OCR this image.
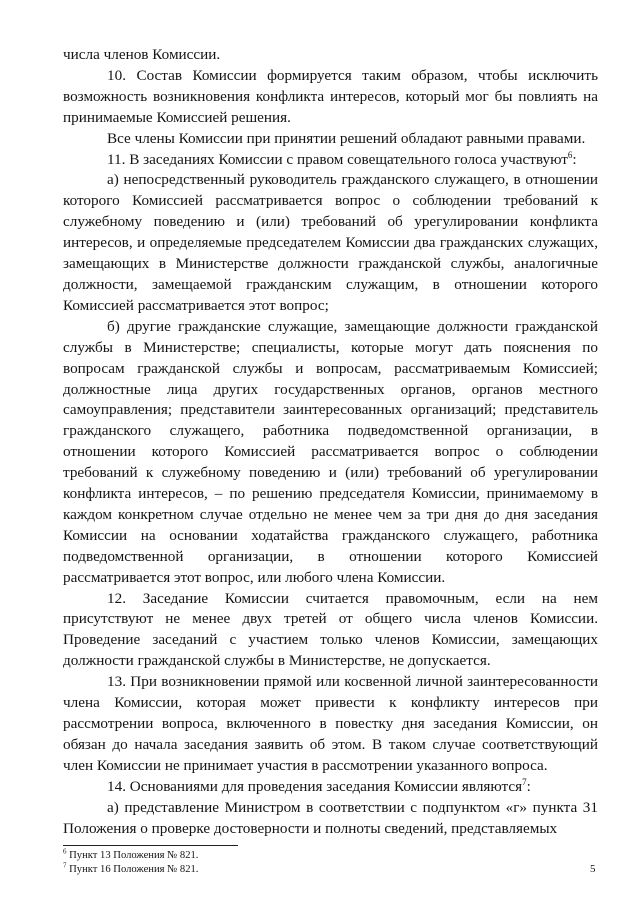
числа членов Комиссии.

10. Состав Комиссии формируется таким образом, чтобы исключить возможность возникновения конфликта интересов, который мог бы повлиять на принимаемые Комиссией решения.

Все члены Комиссии при принятии решений обладают равными правами.

11. В заседаниях Комиссии с правом совещательного голоса участвуют$^6$:

а) непосредственный руководитель гражданского служащего, в отношении которого Комиссией рассматривается вопрос о соблюдении требований к служебному поведению и (или) требований об урегулировании конфликта интересов, и определяемые председателем Комиссии два гражданских служащих, замещающих в Министерстве должности гражданской службы, аналогичные должности, замещаемой гражданским служащим, в отношении которого Комиссией рассматривается этот вопрос;

б) другие гражданские служащие, замещающие должности гражданской службы в Министерстве; специалисты, которые могут дать пояснения по вопросам гражданской службы и вопросам, рассматриваемым Комиссией; должностные лица других государственных органов, органов местного самоуправления; представители заинтересованных организаций; представитель гражданского служащего, работника подведомственной организации, в отношении которого Комиссией рассматривается вопрос о соблюдении требований к служебному поведению и (или) требований об урегулировании конфликта интересов, – по решению председателя Комиссии, принимаемому в каждом конкретном случае отдельно не менее чем за три дня до дня заседания Комиссии на основании ходатайства гражданского служащего, работника подведомственной организации, в отношении которого Комиссией рассматривается этот вопрос, или любого члена Комиссии.

12. Заседание Комиссии считается правомочным, если на нем присутствуют не менее двух третей от общего числа членов Комиссии. Проведение заседаний с участием только членов Комиссии, замещающих должности гражданской службы в Министерстве, не допускается.

13. При возникновении прямой или косвенной личной заинтересованности члена Комиссии, которая может привести к конфликту интересов при рассмотрении вопроса, включенного в повестку дня заседания Комиссии, он обязан до начала заседания заявить об этом. В таком случае соответствующий член Комиссии не принимает участия в рассмотрении указанного вопроса.

14. Основаниями для проведения заседания Комиссии являются$^7$:

а) представление Министром в соответствии с подпунктом «г» пункта 31 Положения о проверке достоверности и полноты сведений, представляемых

$^6$ Пункт 13 Положения № 821.

$^7$ Пункт 16 Положения № 821.	5
